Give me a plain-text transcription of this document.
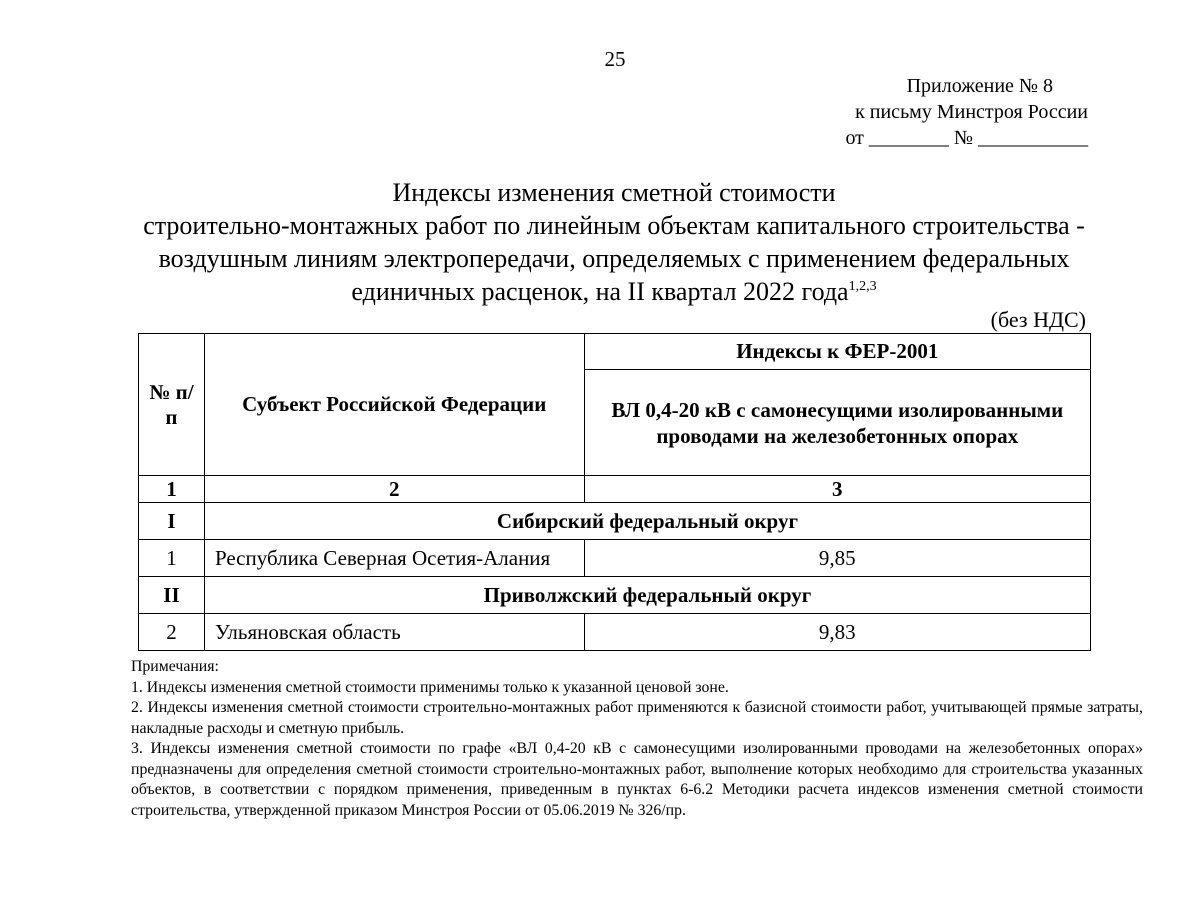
25
Приложение № 8
к письму Минстроя России
от ________ № ___________
Индексы изменения сметной стоимости
строительно-монтажных работ по линейным объектам капитального строительства -
воздушным линиям электропередачи, определяемых с применением федеральных
единичных расценок, на II квартал 2022 года$^{1,2,3}$
(без НДС)
№ п/п	Субъект Российской Федерации	Индексы к ФЕР-2001
		ВЛ 0,4-20 кВ с самонесущими изолированными проводами на железобетонных опорах
1	2	3
I	Сибирский федеральный округ	
1	Республика Северная Осетия-Алания	9,85
II	Приволжский федеральный округ	
2	Ульяновская область	9,83

Примечания:

1. Индексы изменения сметной стоимости применимы только к указанной ценовой зоне.

2. Индексы изменения сметной стоимости строительно-монтажных работ применяются к базисной стоимости работ, учитывающей прямые затраты, накладные расходы и сметную прибыль.

3. Индексы изменения сметной стоимости по графе «ВЛ 0,4-20 кВ с самонесущими изолированными проводами на железобетонных опорах» предназначены для определения сметной стоимости строительно-монтажных работ, выполнение которых необходимо для строительства указанных объектов, в соответствии с порядком применения, приведенным в пунктах 6-6.2 Методики расчета индексов изменения сметной стоимости строительства, утвержденной приказом Минстроя России от 05.06.2019 № 326/пр.
